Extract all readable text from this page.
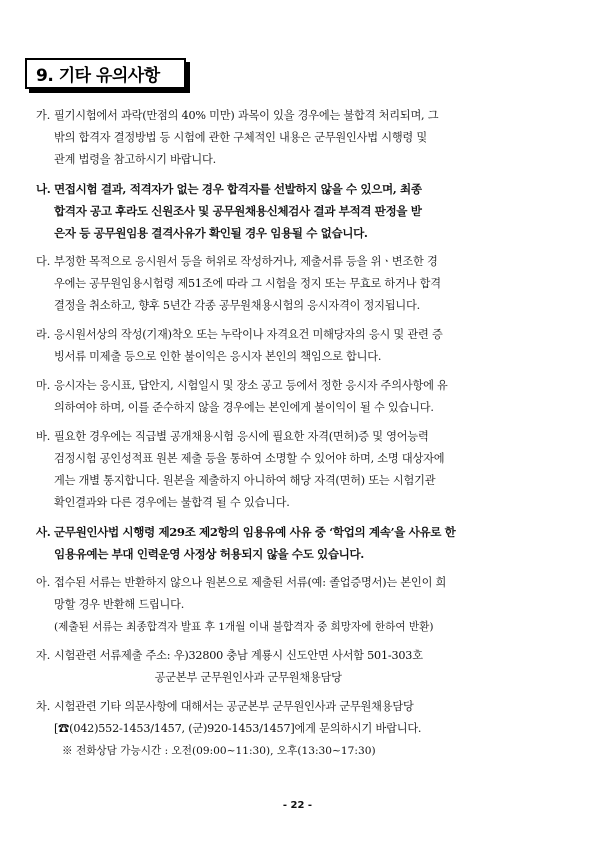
9. 기타 유의사항
가. 필기시험에서 과락(만점의 40% 미만) 과목이 있을 경우에는 불합격 처리되며, 그
밖의 합격자 결정방법 등 시험에 관한 구체적인 내용은 군무원인사법 시행령 및
관계 법령을 참고하시기 바랍니다.
나. 면접시험 결과, 적격자가 없는 경우 합격자를 선발하지 않을 수 있으며, 최종
합격자 공고 후라도 신원조사 및 공무원채용신체검사 결과 부적격 판정을 받
은자 등 공무원임용 결격사유가 확인될 경우 임용될 수 없습니다.
다. 부정한 목적으로 응시원서 등을 허위로 작성하거나, 제출서류 등을 위ㆍ변조한 경
우에는 공무원임용시험령 제51조에 따라 그 시험을 정지 또는 무효로 하거나 합격
결정을 취소하고, 향후 5년간 각종 공무원채용시험의 응시자격이 정지됩니다.
라. 응시원서상의 작성(기재)착오 또는 누락이나 자격요건 미해당자의 응시 및 관련 증
빙서류 미제출 등으로 인한 불이익은 응시자 본인의 책임으로 합니다.
마. 응시자는 응시표, 답안지, 시험일시 및 장소 공고 등에서 정한 응시자 주의사항에 유
의하여야 하며, 이를 준수하지 않을 경우에는 본인에게 불이익이 될 수 있습니다.
바. 필요한 경우에는 직급별 공개채용시험 응시에 필요한 자격(면허)증 및 영어능력
검정시험 공인성적표 원본 제출 등을 통하여 소명할 수 있어야 하며, 소명 대상자에
게는 개별 통지합니다. 원본을 제출하지 아니하여 해당 자격(면허) 또는 시험기관
확인결과와 다른 경우에는 불합격 될 수 있습니다.
사. 군무원인사법 시행령 제29조 제2항의 임용유예 사유 중 ‘학업의 계속’을 사유로 한
임용유예는 부대 인력운영 사정상 허용되지 않을 수도 있습니다.
아. 접수된 서류는 반환하지 않으나 원본으로 제출된 서류(예: 졸업증명서)는 본인이 희
망할 경우 반환해 드립니다.
(제출된 서류는 최종합격자 발표 후 1개월 이내 불합격자 중 희망자에 한하여 반환)
자. 시험관련 서류제출 주소: 우)32800 충남 계룡시 신도안면 사서함 501-303호
공군본부 군무원인사과 군무원채용담당
차. 시험관련 기타 의문사항에 대해서는 공군본부 군무원인사과 군무원채용담당
[☎(042)552-1453/1457, (군)920-1453/1457]에게 문의하시기 바랍니다.
※ 전화상담 가능시간 : 오전(09:00∼11:30), 오후(13:30∼17:30)
- 22 -
